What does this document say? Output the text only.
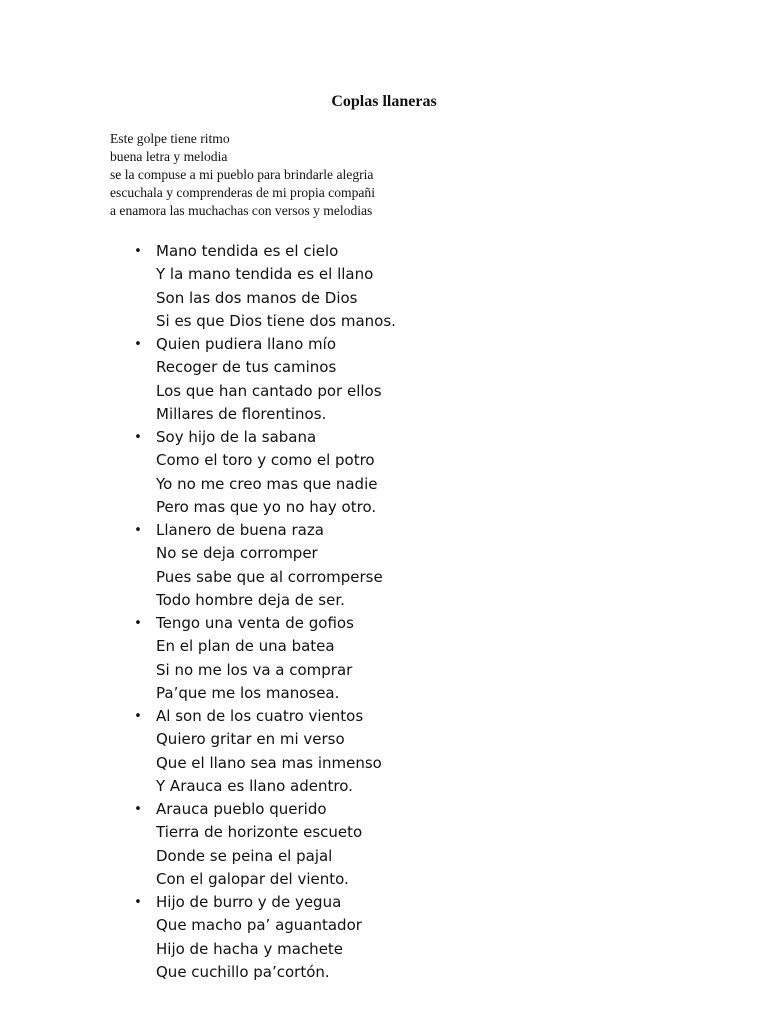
Coplas llaneras
Este golpe tiene ritmo
buena letra y melodia
se la compuse a mi pueblo para brindarle alegria
escuchala y comprenderas de mi propia compañi
a enamora las muchachas con versos y melodias
• Mano tendida es el cielo
Y la mano tendida es el llano
Son las dos manos de Dios
Si es que Dios tiene dos manos.
• Quien pudiera llano mío
Recoger de tus caminos
Los que han cantado por ellos
Millares de florentinos.
• Soy hijo de la sabana
Como el toro y como el potro
Yo no me creo mas que nadie
Pero mas que yo no hay otro.
• Llanero de buena raza
No se deja corromper
Pues sabe que al corromperse
Todo hombre deja de ser.
• Tengo una venta de gofios
En el plan de una batea
Si no me los va a comprar
Pa’que me los manosea.
• Al son de los cuatro vientos
Quiero gritar en mi verso
Que el llano sea mas inmenso
Y Arauca es llano adentro.
• Arauca pueblo querido
Tierra de horizonte escueto
Donde se peina el pajal
Con el galopar del viento.
• Hijo de burro y de yegua
Que macho pa’ aguantador
Hijo de hacha y machete
Que cuchillo pa’cortón.
